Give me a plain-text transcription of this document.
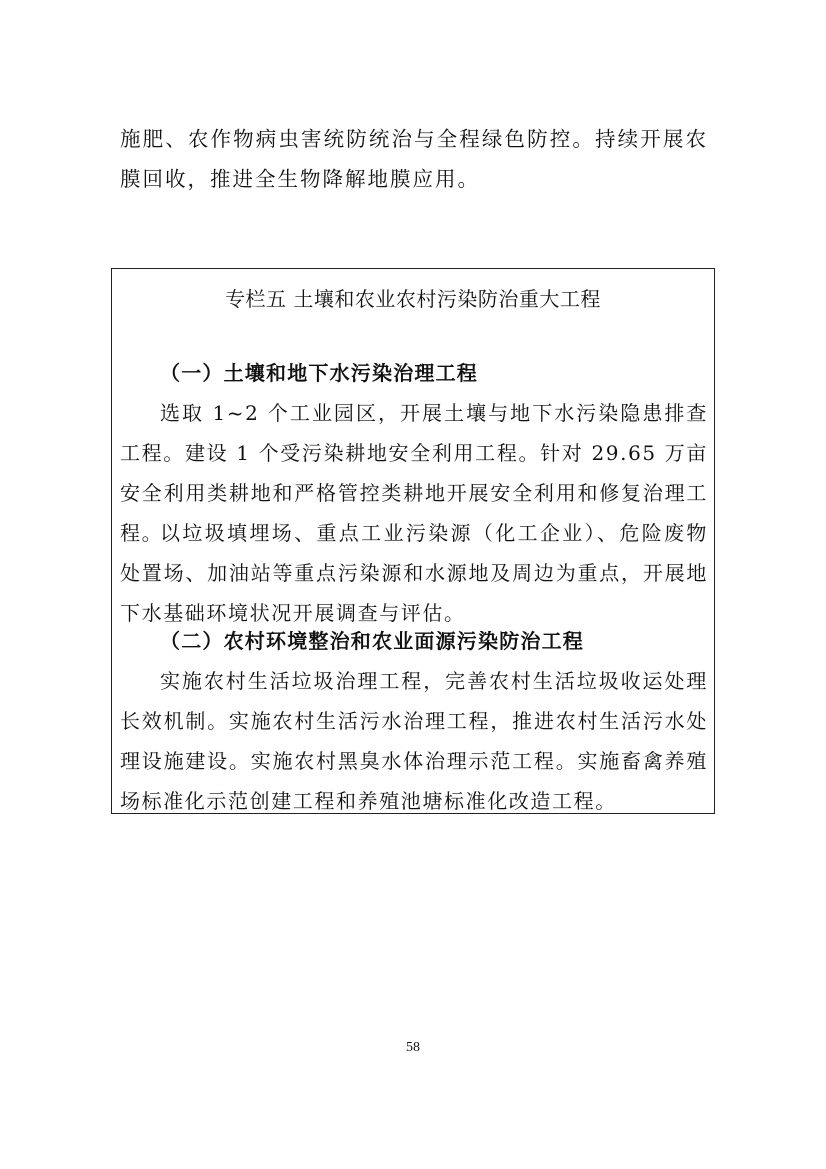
施肥、农作物病虫害统防统治与全程绿色防控。持续开展农膜回收，推进全生物降解地膜应用。

专栏五 土壤和农业农村污染防治重大工程

（一）土壤和地下水污染治理工程

选取 1~2 个工业园区，开展土壤与地下水污染隐患排查工程。建设 1 个受污染耕地安全利用工程。针对 29.65 万亩安全利用类耕地和严格管控类耕地开展安全利用和修复治理工程。

以垃圾填埋场、重点工业污染源（化工企业）、危险废物处置场、加油站等重点污染源和水源地及周边为重点，开展地下水基础环境状况开展调查与评估。

（二）农村环境整治和农业面源污染防治工程

实施农村生活垃圾治理工程，完善农村生活垃圾收运处理长效机制。实施农村生活污水治理工程，推进农村生活污水处理设施建设。实施农村黑臭水体治理示范工程。实施畜禽养殖场标准化示范创建工程和养殖池塘标准化改造工程。

58
